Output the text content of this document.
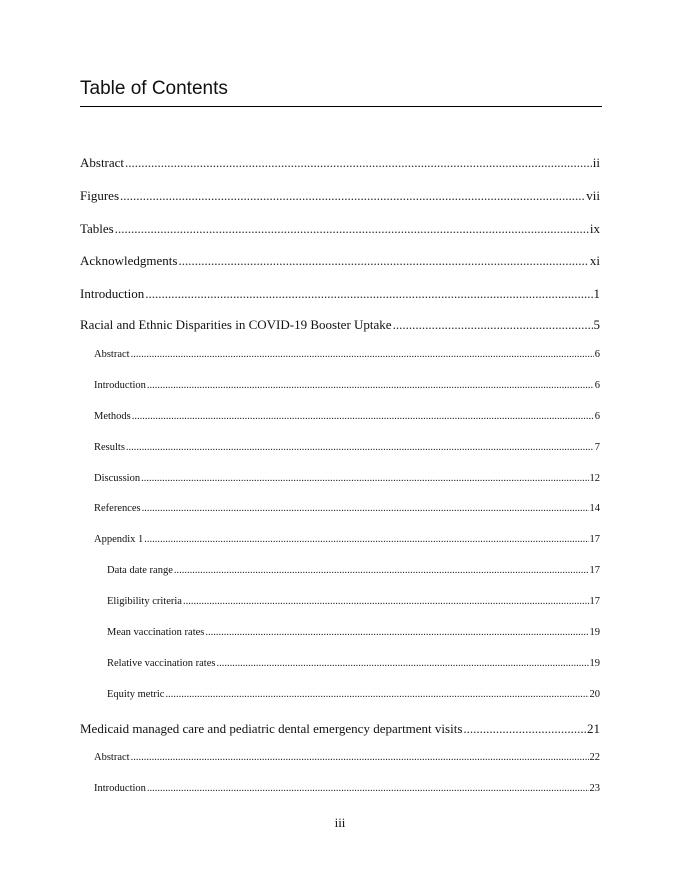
Table of Contents
Abstract .....	ii
Figures .....	vii
Tables .....	ix
Acknowledgments .....	xi
Introduction .....	1
Racial and Ethnic Disparities in COVID-19 Booster Uptake .....	5
Abstract .....	6
Introduction .....	6
Methods .....	6
Results .....	7
Discussion .....	12
References .....	14
Appendix 1 .....	17
Data date range .....	17
Eligibility criteria .....	17
Mean vaccination rates .....	19
Relative vaccination rates .....	19
Equity metric .....	20
Medicaid managed care and pediatric dental emergency department visits .....	21
Abstract .....	22
Introduction .....	23
iii
